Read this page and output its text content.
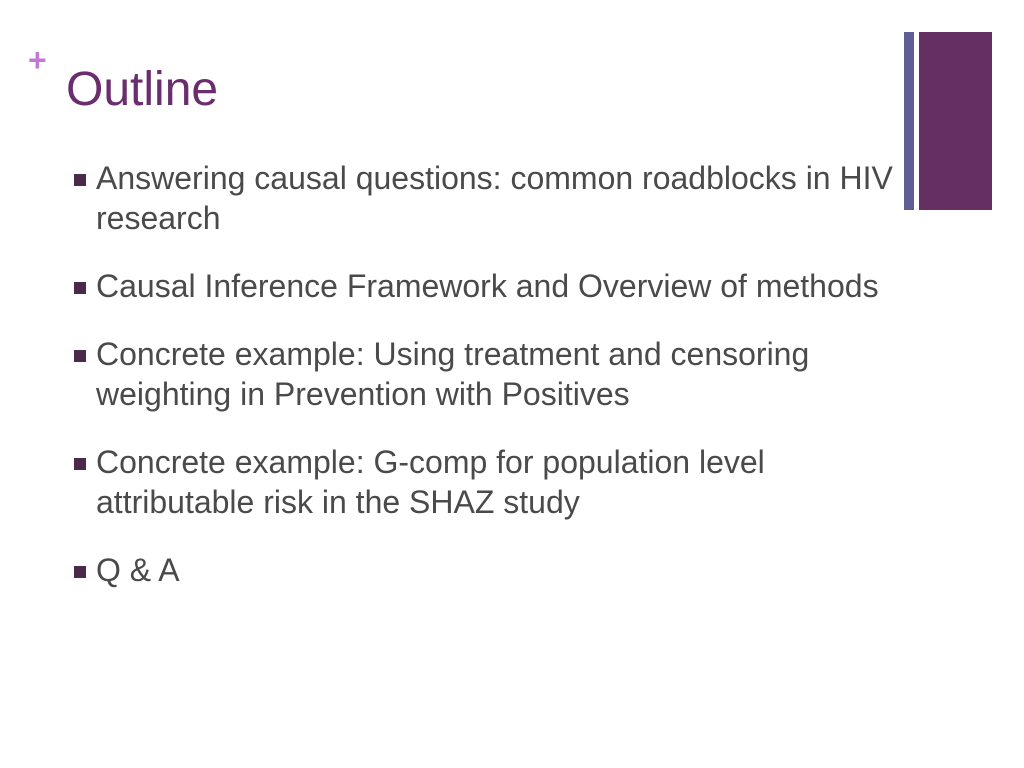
+
Outline
Answering causal questions: common roadblocks in HIV research
Causal Inference Framework and Overview of methods
Concrete example: Using treatment and censoring weighting in Prevention with Positives
Concrete example: G-comp for population level attributable risk in the SHAZ study
Q & A
